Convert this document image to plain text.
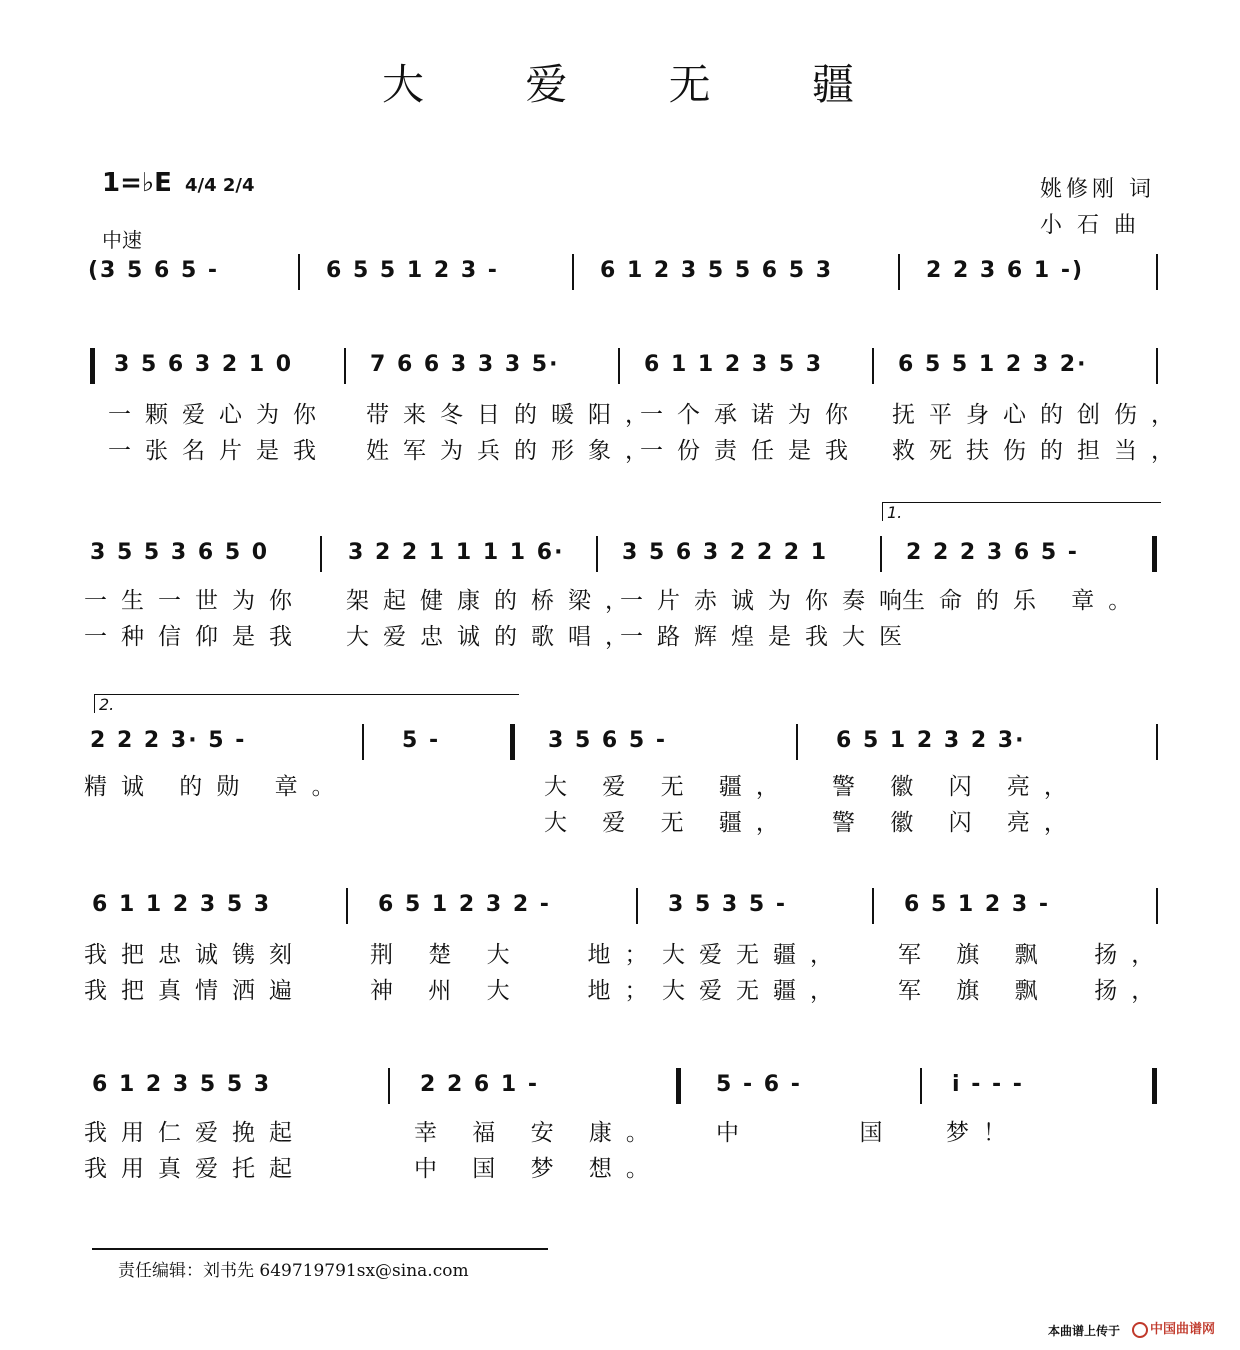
大 爱 无 疆
1=♭E 4/4 2/4
中速
姚修刚 词
小 石 曲
(3 5 6 5 -	6 5 5 1 2 3 -	6 1 2 3 5 5 6 5 3	2 2 3 6 1 -)
3 5 6 3 2 1 0	7 6 6 3 3 3 5·	6 1 1 2 3 5 3	6 5 5 1 2 3 2·
一颗爱心为你 带来冬日的暖阳，
一个承诺为你 抚平身心的创伤，
一张名片是我 姓军为兵的形象，
一份责任是我 救死扶伤的担当，
1.
3 5 5 3 6 5 0	3 2 2 1 1 1 1 6·	3 5 6 3 2 2 2 1	2 2 2 3 6 5 -
一生一世为你 架起健康的桥梁，
一片赤诚为你奏响
生命的乐 章。
一种信仰是我 大爱忠诚的歌唱，
一路辉煌是我大医
2.
2 2 2 3· 5 -	5 -	3 5 6 5 -	6 5 1 2 3 2 3·
精诚 的勋 章。	大 爱 无 疆， 警 徽 闪 亮，
大 爱 无 疆， 警 徽 闪 亮，
6 1 1 2 3 5 3	6 5 1 2 3 2 -	3 5 3 5 -	6 5 1 2 3 -
我把忠诚镌刻	荆 楚 大   地； 大爱无疆， 军 旗 飘  扬，
我把真情洒遍	神 州 大   地； 大爱无疆， 军 旗 飘  扬，
6 1 2 3 5 5 3	2 2 6 1 -	5 - 6 -	i - - -
我用仁爱挽起	幸 福 安 康。 中     国 梦！
我用真爱托起	中 国 梦 想。
责任编辑：刘书先 649719791sx@sina.com
本曲谱上传于	中国曲谱网
